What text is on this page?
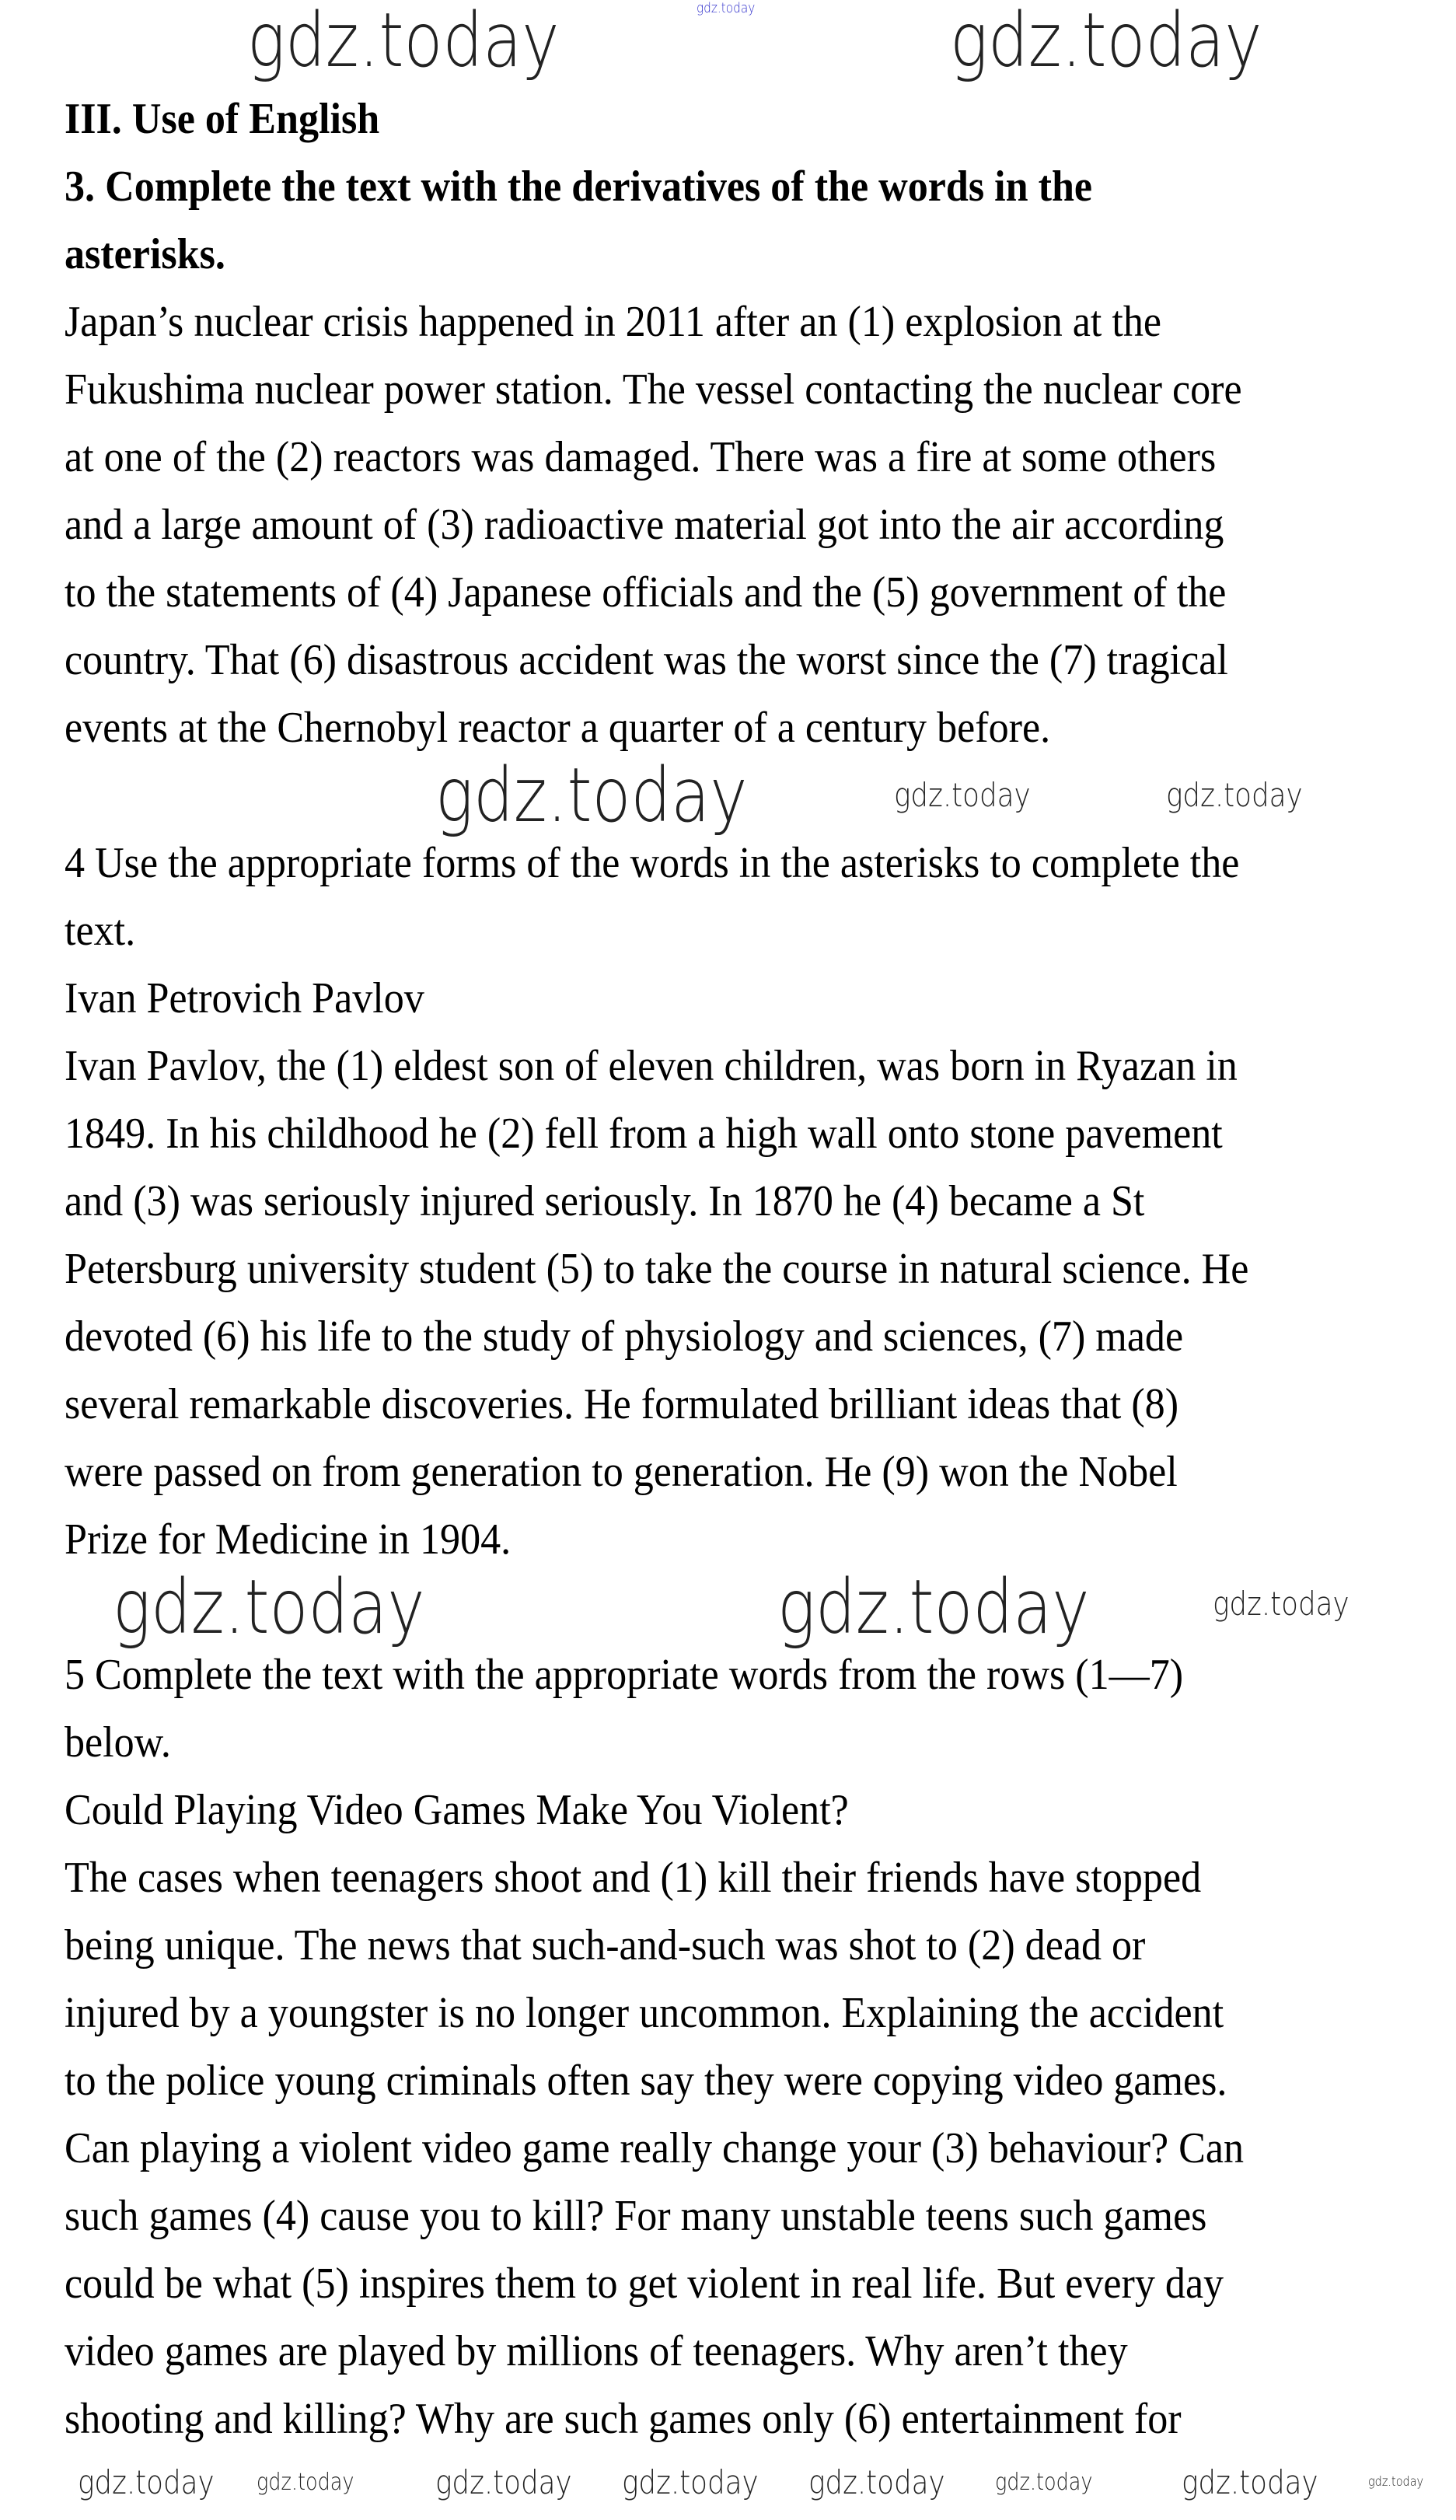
III. Use of English
3. Complete the text with the derivatives of the words in the
asterisks.
Japan’s nuclear crisis happened in 2011 after an (1) explosion at the
Fukushima nuclear power station. The vessel contacting the nuclear core
at one of the (2) reactors was damaged. There was a fire at some others
and a large amount of (3) radioactive material got into the air according
to the statements of (4) Japanese officials and the (5) government of the
country. That (6) disastrous accident was the worst since the (7) tragical
events at the Chernobyl reactor a quarter of a century before.
4 Use the appropriate forms of the words in the asterisks to complete the
text.
Ivan Petrovich Pavlov
Ivan Pavlov, the (1) eldest son of eleven children, was born in Ryazan in
1849. In his childhood he (2) fell from a high wall onto stone pavement
and (3) was seriously injured seriously. In 1870 he (4) became a St
Petersburg university student (5) to take the course in natural science. He
devoted (6) his life to the study of physiology and sciences, (7) made
several remarkable discoveries. He formulated brilliant ideas that (8)
were passed on from generation to generation. He (9) won the Nobel
Prize for Medicine in 1904.
5 Complete the text with the appropriate words from the rows (1—7)
below.
Could Playing Video Games Make You Violent?
The cases when teenagers shoot and (1) kill their friends have stopped
being unique. The news that such-and-such was shot to (2) dead or
injured by a youngster is no longer uncommon. Explaining the accident
to the police young criminals often say they were copying video games.
Can playing a violent video game really change your (3) behaviour? Can
such games (4) cause you to kill? For many unstable teens such games
could be what (5) inspires them to get violent in real life. But every day
video games are played by millions of teenagers. Why aren’t they
shooting and killing? Why are such games only (6) entertainment for
gdz.today
gdz.today	gdz.today
gdz.today	gdz.today	gdz.today
gdz.today	gdz.today	gdz.today
gdz.today gdz.today gdz.today gdz.today gdz.today gdz.today	gdz.today	gdz.today
